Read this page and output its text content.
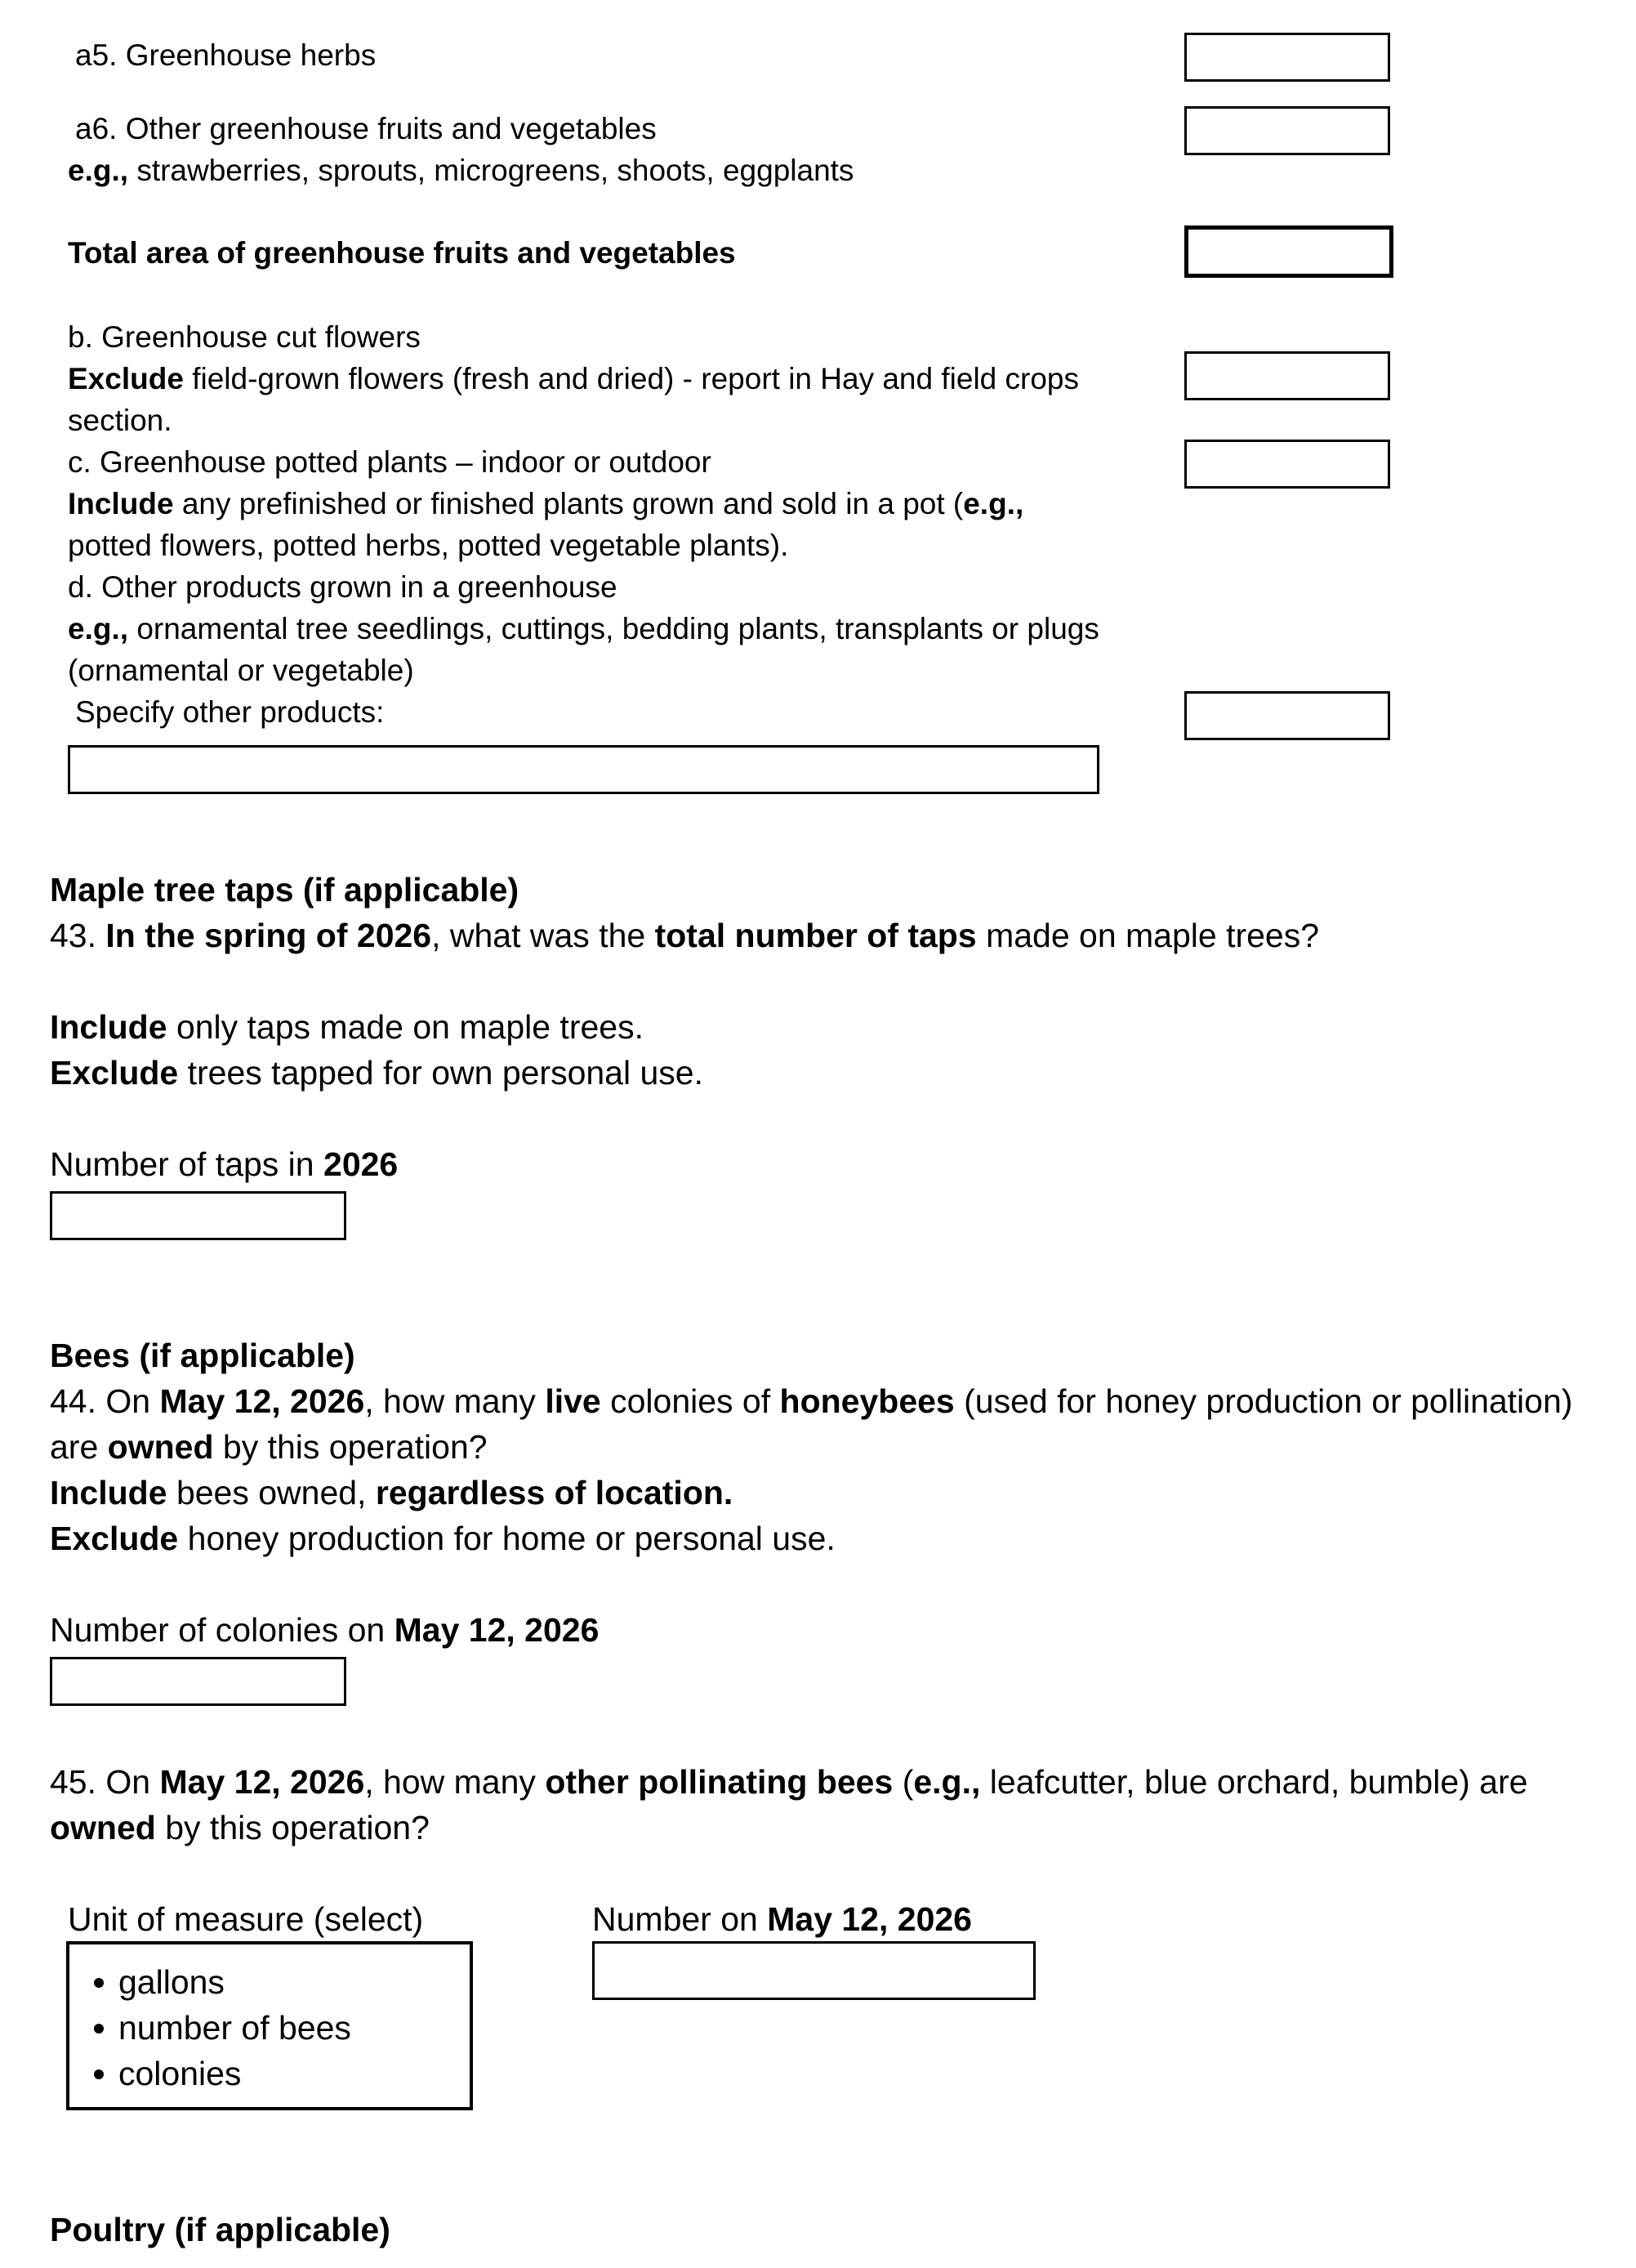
a5. Greenhouse herbs
a6. Other greenhouse fruits and vegetables
e.g., strawberries, sprouts, microgreens, shoots, eggplants
Total area of greenhouse fruits and vegetables
b. Greenhouse cut flowers
Exclude field-grown flowers (fresh and dried) - report in Hay and field crops
section.
c. Greenhouse potted plants – indoor or outdoor
Include any prefinished or finished plants grown and sold in a pot (e.g.,
potted flowers, potted herbs, potted vegetable plants).
d. Other products grown in a greenhouse
e.g., ornamental tree seedlings, cuttings, bedding plants, transplants or plugs
(ornamental or vegetable)
Specify other products:
Maple tree taps (if applicable)
43. In the spring of 2026, what was the total number of taps made on maple trees?
Include only taps made on maple trees.
Exclude trees tapped for own personal use.
Number of taps in 2026
Bees (if applicable)
44. On May 12, 2026, how many live colonies of honeybees (used for honey production or pollination)
are owned by this operation?
Include bees owned, regardless of location.
Exclude honey production for home or personal use.
Number of colonies on May 12, 2026
45. On May 12, 2026, how many other pollinating bees (e.g., leafcutter, blue orchard, bumble) are
owned by this operation?
Unit of measure (select)
gallons
number of bees
colonies
Number on May 12, 2026
Poultry (if applicable)
